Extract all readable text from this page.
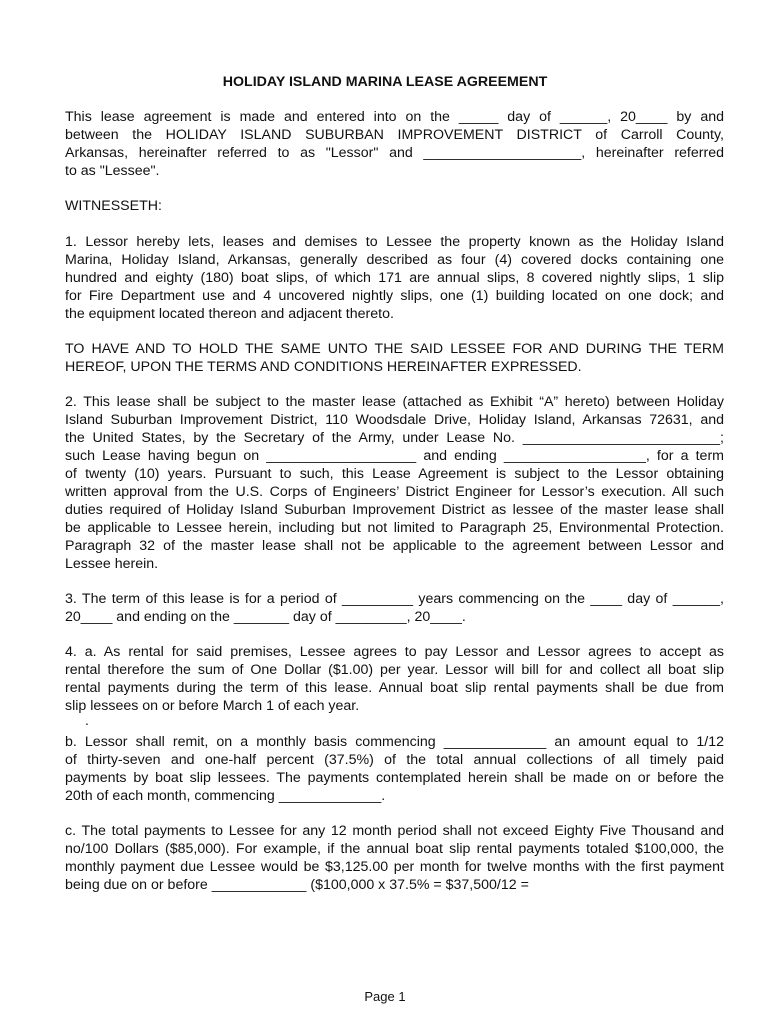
HOLIDAY ISLAND MARINA LEASE AGREEMENT

This lease agreement is made and entered into on the _____ day of ______, 20____ by and
between the HOLIDAY ISLAND SUBURBAN IMPROVEMENT DISTRICT of Carroll County,
Arkansas, hereinafter referred to as "Lessor" and ____________________, hereinafter referred
to as "Lessee".

WITNESSETH:

1. Lessor hereby lets, leases and demises to Lessee the property known as the Holiday Island
Marina, Holiday Island, Arkansas, generally described as four (4) covered docks containing one
hundred and eighty (180) boat slips, of which 171 are annual slips, 8 covered nightly slips, 1 slip
for Fire Department use and 4 uncovered nightly slips, one (1) building located on one dock; and
the equipment located thereon and adjacent thereto.

TO HAVE AND TO HOLD THE SAME UNTO THE SAID LESSEE FOR AND DURING THE TERM
HEREOF, UPON THE TERMS AND CONDITIONS HEREINAFTER EXPRESSED.

2. This lease shall be subject to the master lease (attached as Exhibit “A” hereto) between Holiday
Island Suburban Improvement District, 110 Woodsdale Drive, Holiday Island, Arkansas 72631, and
the United States, by the Secretary of the Army, under Lease No. _________________________;
such Lease having begun on ___________________ and ending __________________, for a term
of twenty (10) years. Pursuant to such, this Lease Agreement is subject to the Lessor obtaining
written approval from the U.S. Corps of Engineers’ District Engineer for Lessor’s execution. All such
duties required of Holiday Island Suburban Improvement District as lessee of the master lease shall
be applicable to Lessee herein, including but not limited to Paragraph 25, Environmental Protection.
Paragraph 32 of the master lease shall not be applicable to the agreement between Lessor and
Lessee herein.

3. The term of this lease is for a period of _________ years commencing on the ____ day of ______,
20____ and ending on the _______ day of _________, 20____.

4. a. As rental for said premises, Lessee agrees to pay Lessor and Lessor agrees to accept as
rental therefore the sum of One Dollar ($1.00) per year. Lessor will bill for and collect all boat slip
rental payments during the term of this lease. Annual boat slip rental payments shall be due from
slip lessees on or before March 1 of each year.

.

b. Lessor shall remit, on a monthly basis commencing _____________ an amount equal to 1/12
of thirty-seven and one-half percent (37.5%) of the total annual collections of all timely paid
payments by boat slip lessees. The payments contemplated herein shall be made on or before the
20th of each month, commencing _____________.

c. The total payments to Lessee for any 12 month period shall not exceed Eighty Five Thousand and
no/100 Dollars ($85,000). For example, if the annual boat slip rental payments totaled $100,000, the
monthly payment due Lessee would be $3,125.00 per month for twelve months with the first payment
being due on or before ____________ ($100,000 x 37.5% = $37,500/12 =

Page 1
